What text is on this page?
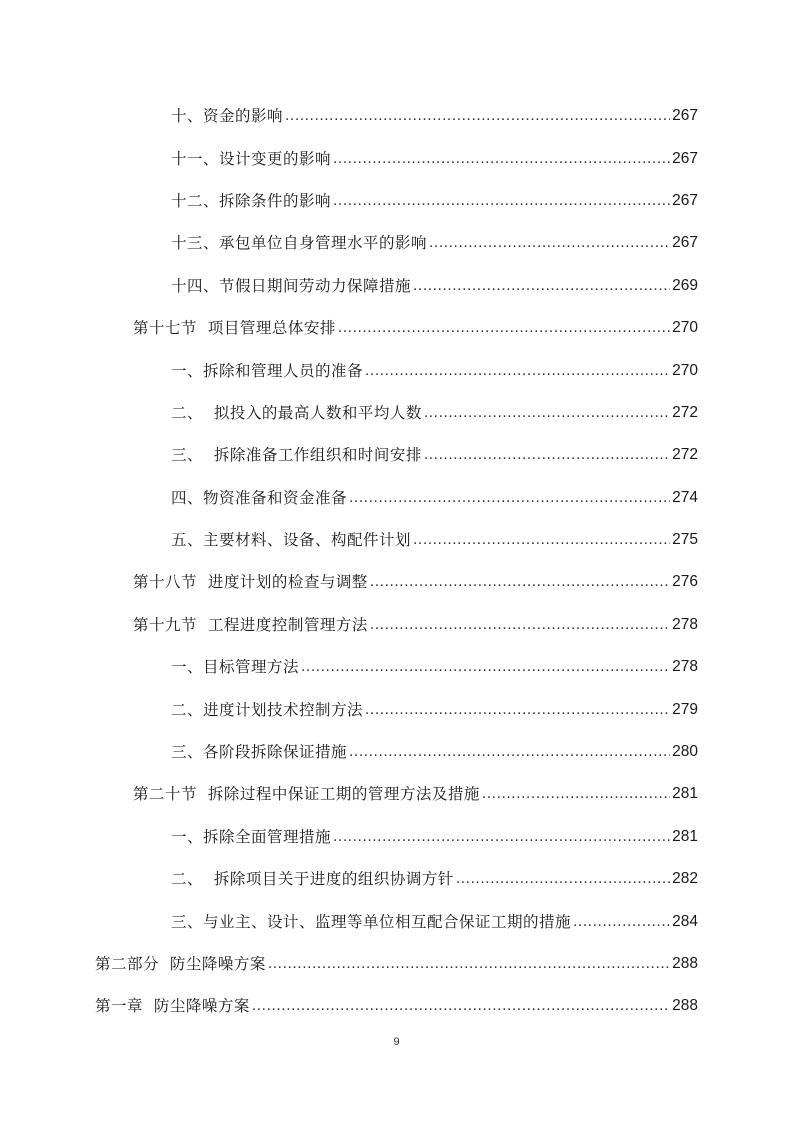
十、资金的影响 .....	267
十一、设计变更的影响 .....	267
十二、拆除条件的影响 .....	267
十三、承包单位自身管理水平的影响 .....	267
十四、节假日期间劳动力保障措施 .....	269
第十七节  项目管理总体安排 .....	270
一、拆除和管理人员的准备 .....	270
二、  拟投入的最高人数和平均人数 .....	272
三、  拆除准备工作组织和时间安排 .....	272
四、物资准备和资金准备 .....	274
五、主要材料、设备、构配件计划 .....	275
第十八节  进度计划的检查与调整 .....	276
第十九节  工程进度控制管理方法 .....	278
一、目标管理方法 .....	278
二、进度计划技术控制方法 .....	279
三、各阶段拆除保证措施 .....	280
第二十节  拆除过程中保证工期的管理方法及措施 .....	281
一、拆除全面管理措施 .....	281
二、  拆除项目关于进度的组织协调方针 .....	282
三、与业主、设计、监理等单位相互配合保证工期的措施 .....	284
第二部分  防尘降噪方案 .....	288
第一章  防尘降噪方案 .....	288
9
